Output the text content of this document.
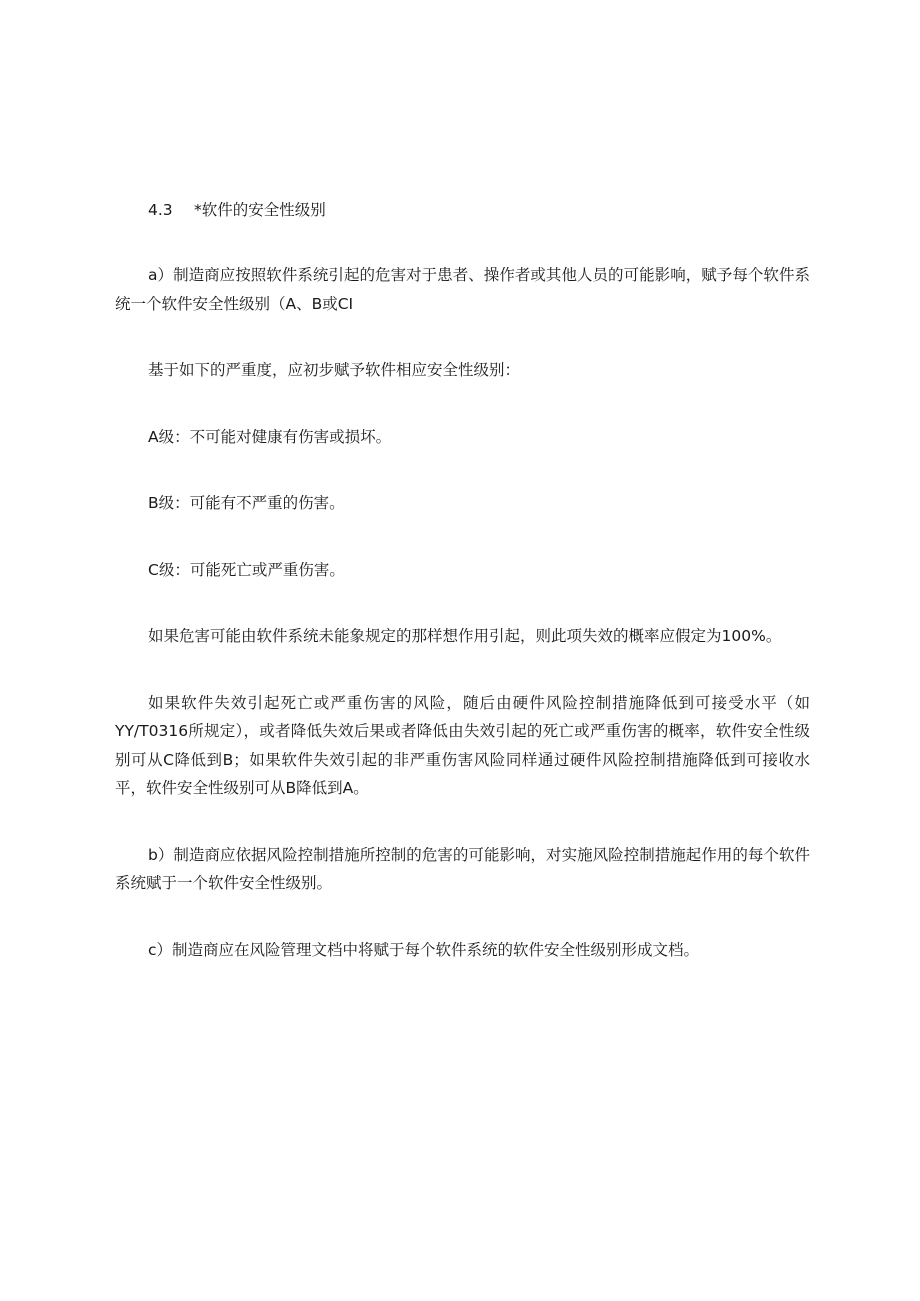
4.3 *软件的安全性级别

a）制造商应按照软件系统引起的危害对于患者、操作者或其他人员的可能影响，赋予每个软件系统一个软件安全性级别（A、B或CI

基于如下的严重度，应初步赋予软件相应安全性级别：

A级：不可能对健康有伤害或损坏。

B级：可能有不严重的伤害。

C级：可能死亡或严重伤害。

如果危害可能由软件系统未能象规定的那样想作用引起，则此项失效的概率应假定为100%。

如果软件失效引起死亡或严重伤害的风险，随后由硬件风险控制措施降低到可接受水平（如YY/T0316所规定），或者降低失效后果或者降低由失效引起的死亡或严重伤害的概率，软件安全性级别可从C降低到B；如果软件失效引起的非严重伤害风险同样通过硬件风险控制措施降低到可接收水平，软件安全性级别可从B降低到A。

b）制造商应依据风险控制措施所控制的危害的可能影响，对实施风险控制措施起作用的每个软件系统赋于一个软件安全性级别。

c）制造商应在风险管理文档中将赋于每个软件系统的软件安全性级别形成文档。
